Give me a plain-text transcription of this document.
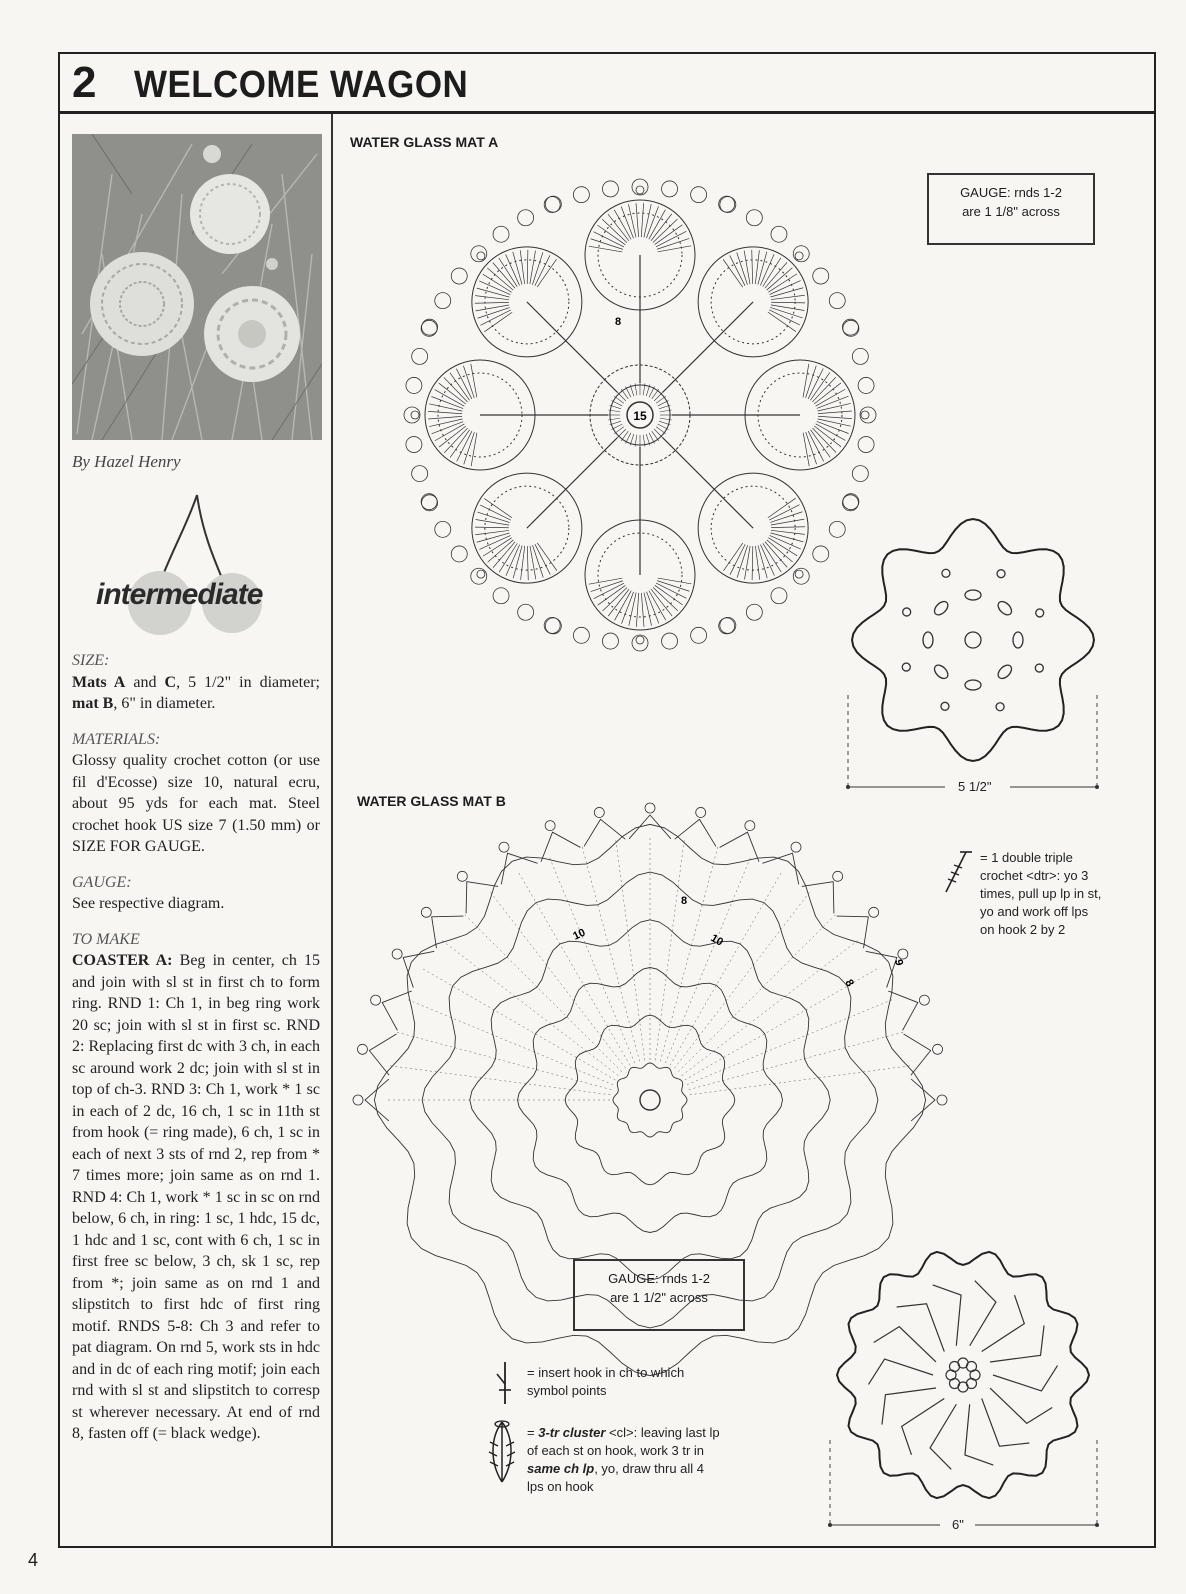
2 WELCOME WAGON
By Hazel Henry
intermediate
SIZE:

Mats A and C, 5 1/2" in diameter; mat B, 6" in diameter.

MATERIALS:

Glossy quality crochet cotton (or use fil d'Ecosse) size 10, natural ecru, about 95 yds for each mat. Steel crochet hook US size 7 (1.50 mm) or SIZE FOR GAUGE.

GAUGE:

See respective diagram.

TO MAKE

COASTER A: Beg in center, ch 15 and join with sl st in first ch to form ring. RND 1: Ch 1, in beg ring work 20 sc; join with sl st in first sc. RND 2: Replacing first dc with 3 ch, in each sc around work 2 dc; join with sl st in top of ch-3. RND 3: Ch 1, work * 1 sc in each of 2 dc, 16 ch, 1 sc in 11th st from hook (= ring made), 6 ch, 1 sc in each of next 3 sts of rnd 2, rep from * 7 times more; join same as on rnd 1. RND 4: Ch 1, work * 1 sc in sc on rnd below, 6 ch, in ring: 1 sc, 1 hdc, 15 dc, 1 hdc and 1 sc, cont with 6 ch, 1 sc in first free sc below, 3 ch, sk 1 sc, rep from *; join same as on rnd 1 and slipstitch to first hdc of first ring motif. RNDS 5-8: Ch 3 and refer to pat diagram. On rnd 5, work sts in hdc and in dc of each ring motif; join each rnd with sl st and slipstitch to corresp st wherever necessary. At end of rnd 8, fasten off (= black wedge).

WATER GLASS MAT A
GAUGE: rnds 1-2
are 1 1/8" across
15
8
5 1/2"
WATER GLASS MAT B
10	10
8
8
9
= 1 double triple crochet <dtr>: yo 3 times, pull up lp in st, yo and work off lps on hook 2 by 2
GAUGE: rnds 1-2
are 1 1/2" across
= insert hook in ch to which symbol points
= 3-tr cluster <cl>: leaving last lp of each st on hook, work 3 tr in same ch lp, yo, draw thru all 4 lps on hook
6"
4
